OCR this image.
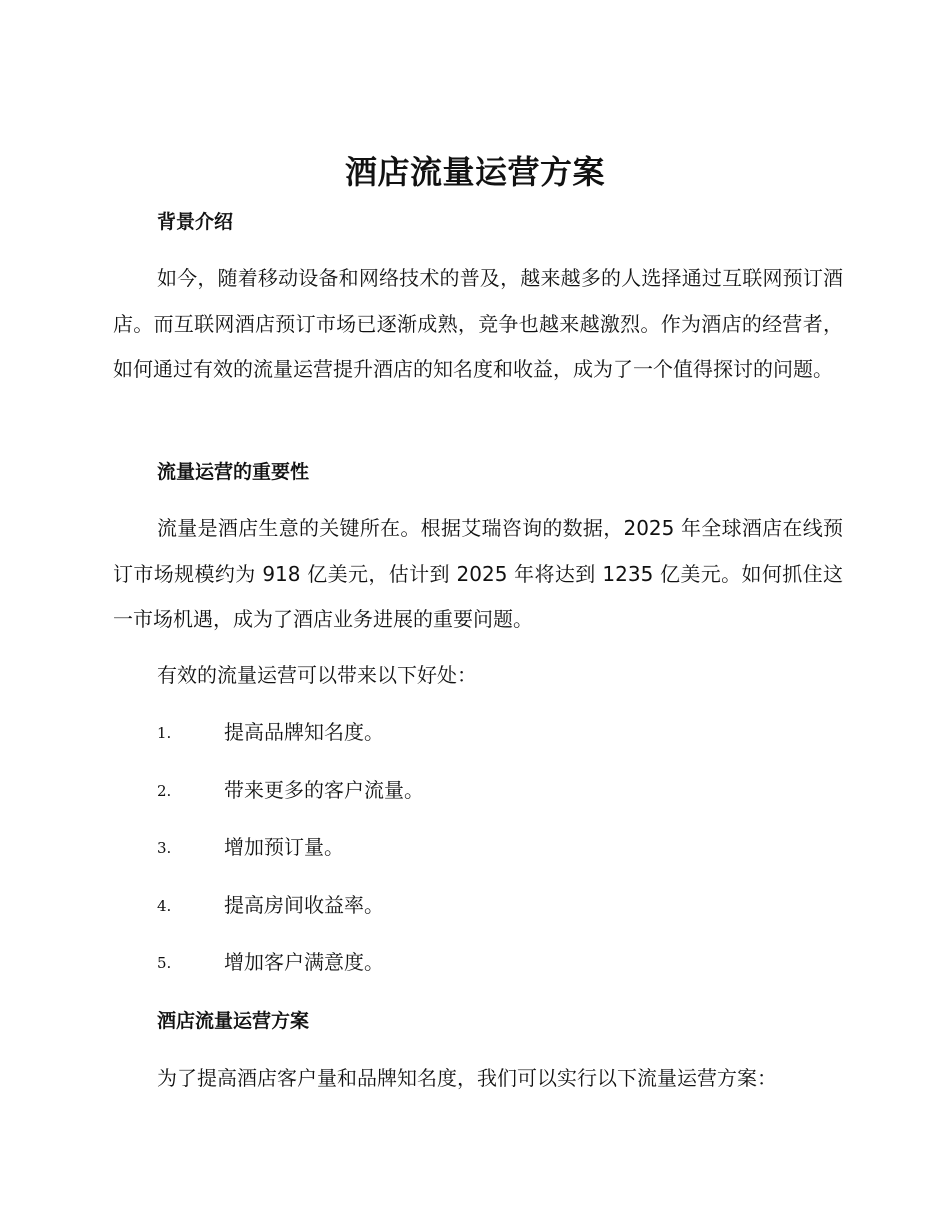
酒店流量运营方案
背景介绍

如今，随着移动设备和网络技术的普及，越来越多的人选择通过互联网预订酒店。而互联网酒店预订市场已逐渐成熟，竞争也越来越激烈。作为酒店的经营者，如何通过有效的流量运营提升酒店的知名度和收益，成为了一个值得探讨的问题。

流量运营的重要性

流量是酒店生意的关键所在。根据艾瑞咨询的数据，2025 年全球酒店在线预订市场规模约为 918 亿美元，估计到 2025 年将达到 1235 亿美元。如何抓住这一市场机遇，成为了酒店业务进展的重要问题。

有效的流量运营可以带来以下好处：
1.	提高品牌知名度。
2.	带来更多的客户流量。
3.	增加预订量。
4.	提高房间收益率。
5.	增加客户满意度。
酒店流量运营方案
为了提高酒店客户量和品牌知名度，我们可以实行以下流量运营方案：
